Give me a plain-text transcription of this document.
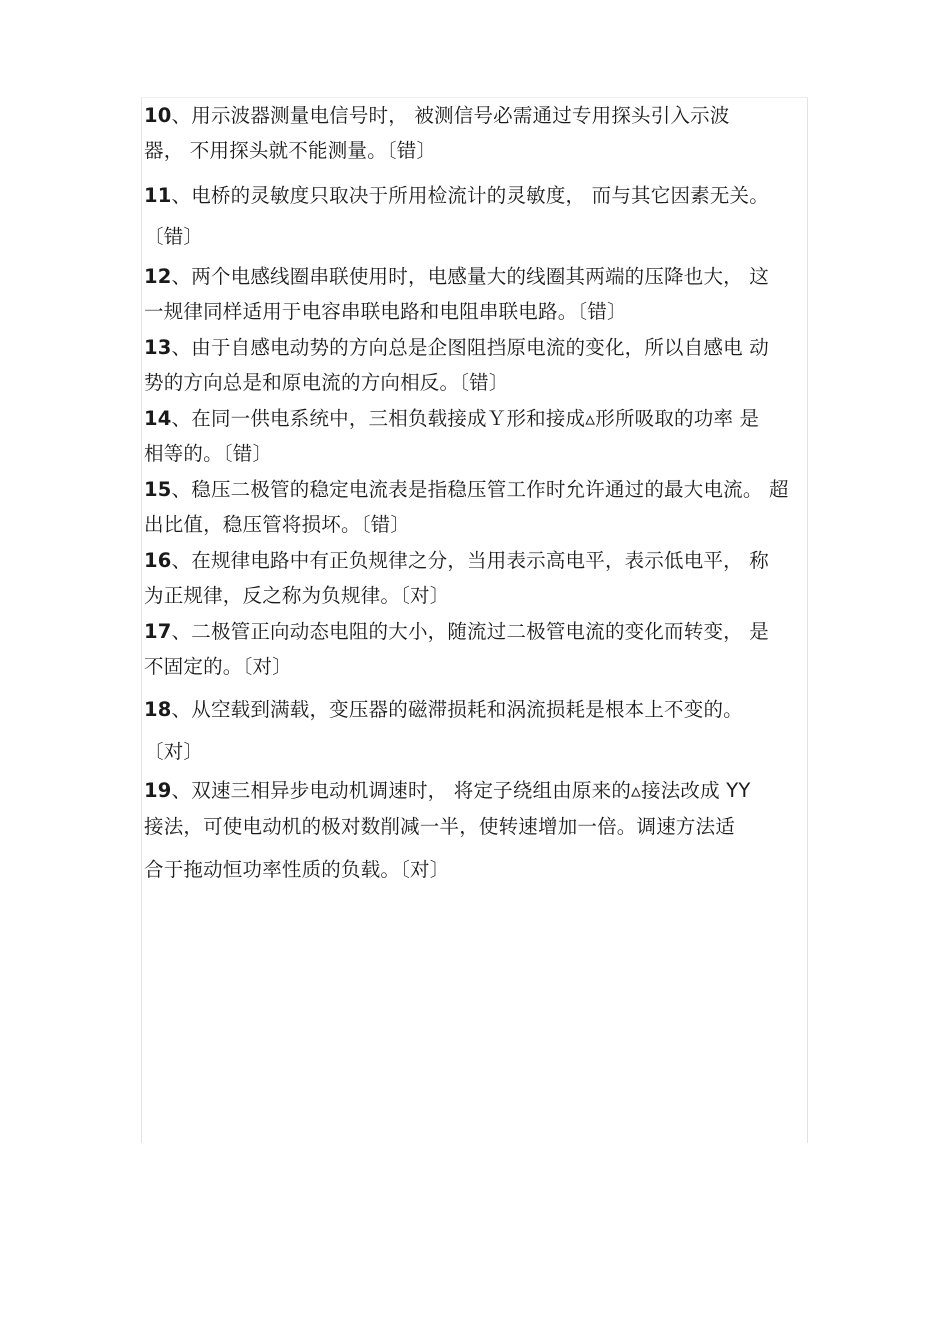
10、用示波器测量电信号时， 被测信号必需通过专用探头引入示波
器， 不用探头就不能测量。〔错〕
11、电桥的灵敏度只取决于所用检流计的灵敏度， 而与其它因素无关。
〔错〕
12、两个电感线圈串联使用时，电感量大的线圈其两端的压降也大， 这
一规律同样适用于电容串联电路和电阻串联电路。〔错〕
13、由于自感电动势的方向总是企图阻挡原电流的变化，所以自感电 动
势的方向总是和原电流的方向相反。〔错〕
14、在同一供电系统中，三相负载接成Ｙ形和接成▵形所吸取的功率 是
相等的。〔错〕
15、稳压二极管的稳定电流表是指稳压管工作时允许通过的最大电流。 超
出比值，稳压管将损坏。〔错〕
16、在规律电路中有正负规律之分，当用表示高电平，表示低电平， 称
为正规律，反之称为负规律。〔对〕
17、二极管正向动态电阻的大小，随流过二极管电流的变化而转变， 是
不固定的。〔对〕
18、从空载到满载，变压器的磁滞损耗和涡流损耗是根本上不变的。
〔对〕
19、双速三相异步电动机调速时， 将定子绕组由原来的▵接法改成 YY
接法，可使电动机的极对数削减一半，使转速增加一倍。调速方法适
合于拖动恒功率性质的负载。〔对〕
